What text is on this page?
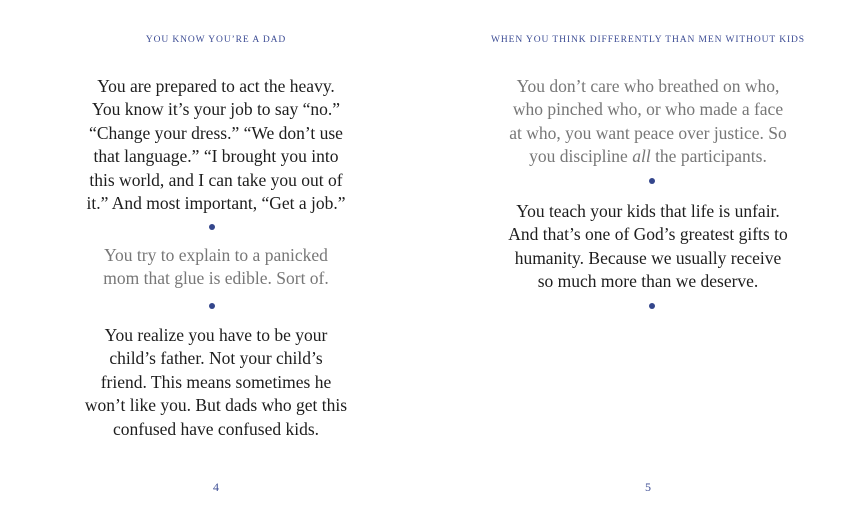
YOU KNOW YOU’RE A DAD
You are prepared to act the heavy.
You know it’s your job to say “no.”
“Change your dress.” “We don’t use
that language.” “I brought you into
this world, and I can take you out of
it.” And most important, “Get a job.”
You try to explain to a panicked
mom that glue is edible. Sort of.
You realize you have to be your
child’s father. Not your child’s
friend. This means sometimes he
won’t like you. But dads who get this
confused have confused kids.
4
WHEN YOU THINK DIFFERENTLY THAN MEN WITHOUT KIDS
You don’t care who breathed on who,
who pinched who, or who made a face
at who, you want peace over justice. So
you discipline all the participants.
You teach your kids that life is unfair.
And that’s one of God’s greatest gifts to
humanity. Because we usually receive
so much more than we deserve.
5
